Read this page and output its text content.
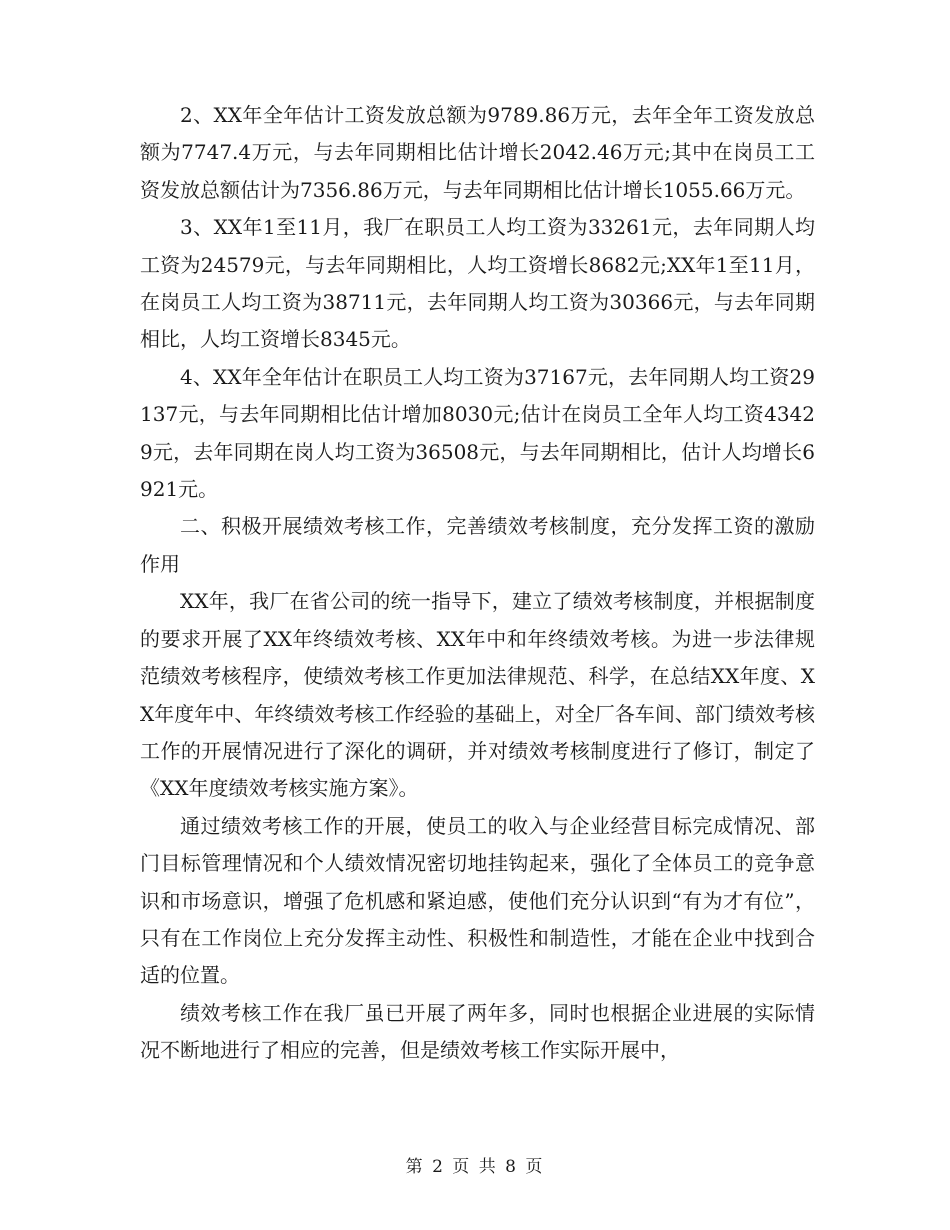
2、XX年全年估计工资发放总额为9789.86万元，去年全年工资发放总额为7747.4万元，与去年同期相比估计增长2042.46万元;其中在岗员工工资发放总额估计为7356.86万元，与去年同期相比估计增长1055.66万元。

3、XX年1至11月，我厂在职员工人均工资为33261元，去年同期人均工资为24579元，与去年同期相比，人均工资增长8682元;XX年1至11月，在岗员工人均工资为38711元，去年同期人均工资为30366元，与去年同期相比，人均工资增长8345元。

4、XX年全年估计在职员工人均工资为37167元，去年同期人均工资29137元，与去年同期相比估计增加8030元;估计在岗员工全年人均工资43429元，去年同期在岗人均工资为36508元，与去年同期相比，估计人均增长6921元。

二、积极开展绩效考核工作，完善绩效考核制度，充分发挥工资的激励作用

XX年，我厂在省公司的统一指导下，建立了绩效考核制度，并根据制度的要求开展了XX年终绩效考核、XX年中和年终绩效考核。为进一步法律规范绩效考核程序，使绩效考核工作更加法律规范、科学，在总结XX年度、XX年度年中、年终绩效考核工作经验的基础上，对全厂各车间、部门绩效考核工作的开展情况进行了深化的调研，并对绩效考核制度进行了修订，制定了《XX年度绩效考核实施方案》。

通过绩效考核工作的开展，使员工的收入与企业经营目标完成情况、部门目标管理情况和个人绩效情况密切地挂钩起来，强化了全体员工的竞争意识和市场意识，增强了危机感和紧迫感，使他们充分认识到“有为才有位”，只有在工作岗位上充分发挥主动性、积极性和制造性，才能在企业中找到合适的位置。

绩效考核工作在我厂虽已开展了两年多，同时也根据企业进展的实际情况不断地进行了相应的完善，但是绩效考核工作实际开展中，

第 2 页 共 8 页
